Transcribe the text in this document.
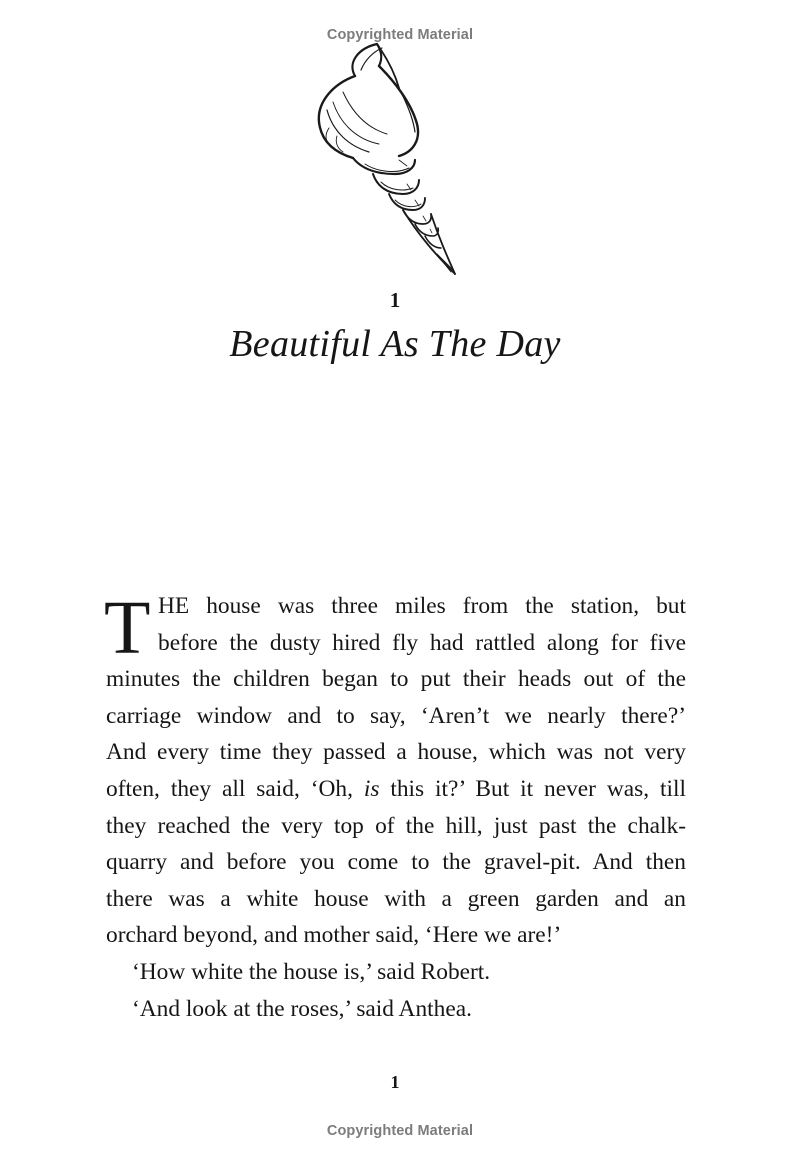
Copyrighted Material
1
Beautiful As The Day
T HE house was three miles from the station, but
before the dusty hired fly had rattled along for five
minutes the children began to put their heads out of the
carriage window and to say, ‘Aren’t we nearly there?’
And every time they passed a house, which was not very
often, they all said, ‘Oh, is this it?’ But it never was, till
they reached the very top of the hill, just past the chalk-
quarry and before you come to the gravel-pit. And then
there was a white house with a green garden and an
orchard beyond, and mother said, ‘Here we are!’
‘How white the house is,’ said Robert.
‘And look at the roses,’ said Anthea.
1
Copyrighted Material
